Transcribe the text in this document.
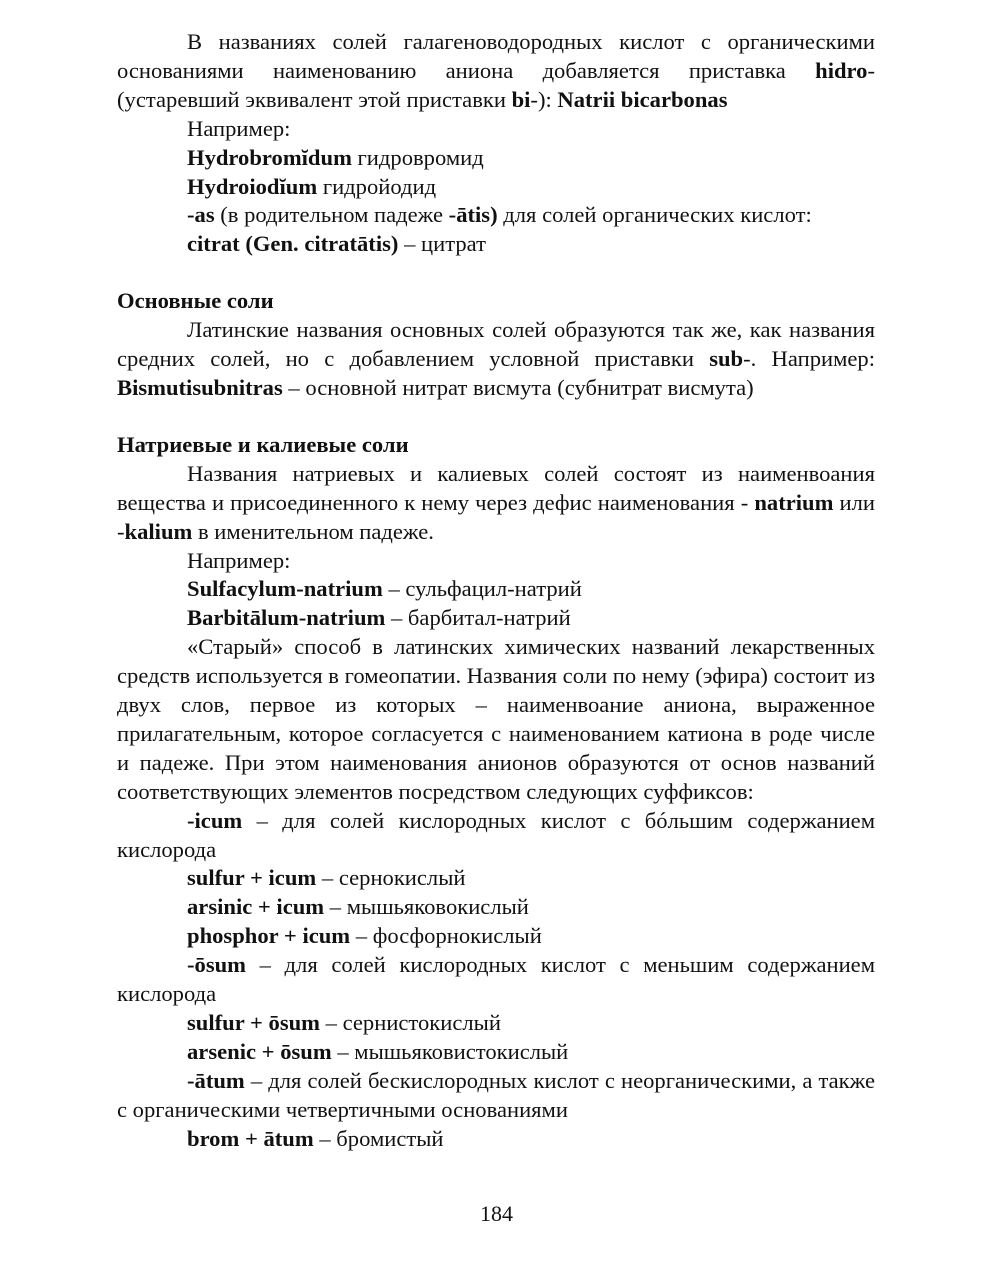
В названиях солей галагеноводородных кислот с органическими основаниями наименованию аниона добавляется приставка hidro- (устаревший эквивалент этой приставки bi-): Natrii bicarbonas

Например:

Hydrobromĭdum гидровромид

Hydroiodĭum гидройодид

-as (в родительном падеже -ātis) для солей органических кислот:

citrat (Gen. citratātis) – цитрат

Основные соли

Латинские названия основных солей образуются так же, как названия средних солей, но с добавлением условной приставки sub-. Например: Bismutisubnitras – основной нитрат висмута (субнитрат висмута)

Натриевые и калиевые соли

Названия натриевых и калиевых солей состоят из наименвоания вещества и присоединенного к нему через дефис наименования - natrium или -kalium в именительном падеже.

Например:

Sulfacylum-natrium – сульфацил-натрий

Barbitālum-natrium – барбитал-натрий

«Старый» способ в латинских химических названий лекарственных средств используется в гомеопатии. Названия соли по нему (эфира) состоит из двух слов, первое из которых – наименвоание аниона, выраженное прилагательным, которое согласуется с наименованием катиона в роде числе и падеже. При этом наименования анионов образуются от основ названий соответствующих элементов посредством следующих суффиксов:

-icum – для солей кислородных кислот с бóльшим содержанием кислорода

sulfur + icum – сернокислый

arsinic + icum – мышьяковокислый

phosphor + icum – фосфорнокислый

-ōsum – для солей кислородных кислот с меньшим содержанием кислорода

sulfur + ōsum – сернистокислый

arsenic + ōsum – мышьяковистокислый

-ātum – для солей бескислородных кислот с неорганическими, а также с органическими четвертичными основаниями

brom + ātum – бромистый

184
